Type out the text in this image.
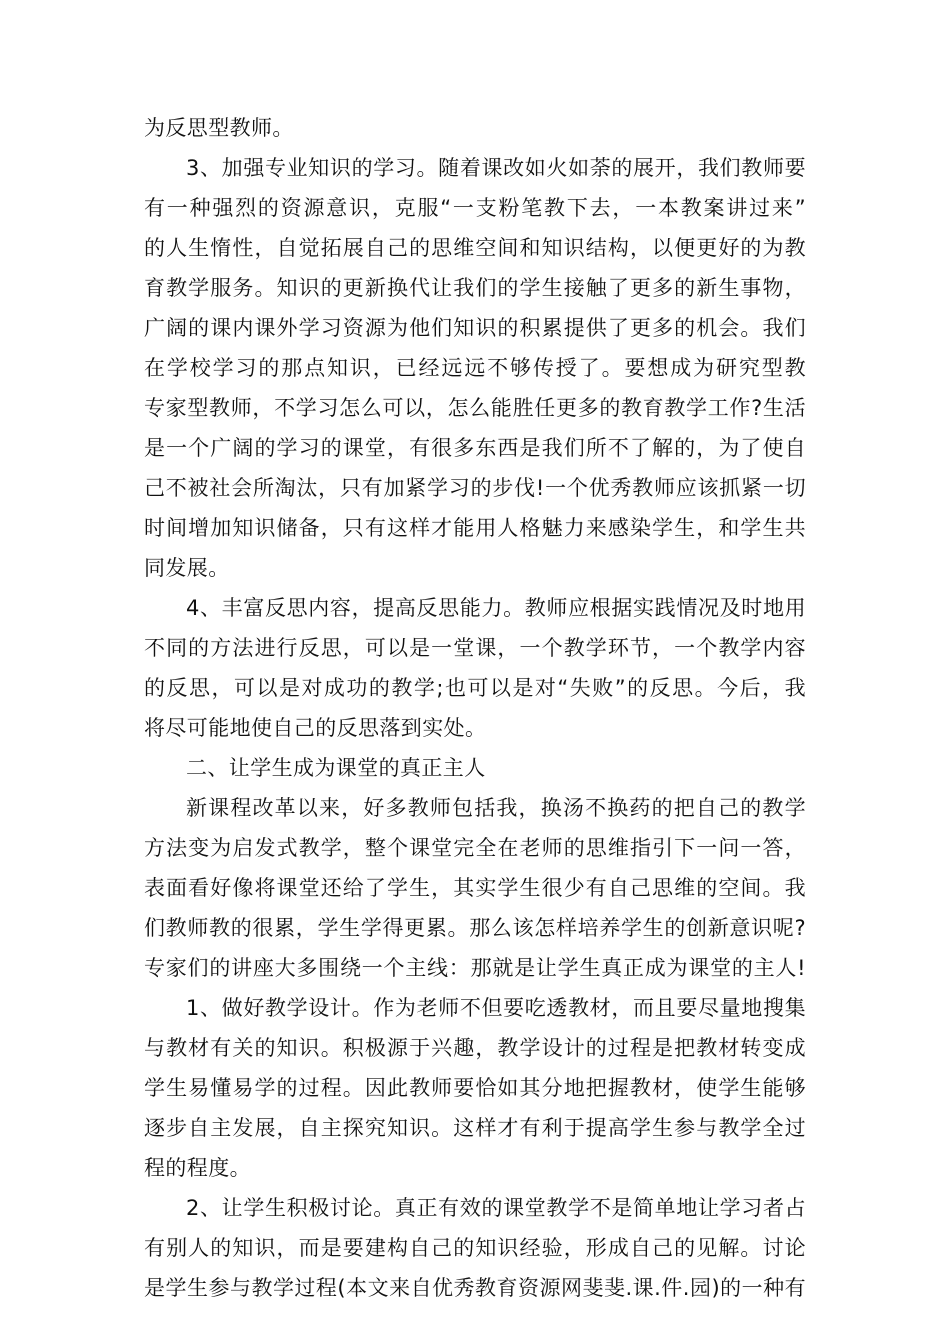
为反思型教师。
3、加强专业知识的学习。随着课改如火如荼的展开，我们教师要
有一种强烈的资源意识，克服“一支粉笔教下去，一本教案讲过来”
的人生惰性，自觉拓展自己的思维空间和知识结构，以便更好的为教
育教学服务。知识的更新换代让我们的学生接触了更多的新生事物，
广阔的课内课外学习资源为他们知识的积累提供了更多的机会。我们
在学校学习的那点知识，已经远远不够传授了。要想成为研究型教
专家型教师，不学习怎么可以，怎么能胜任更多的教育教学工作?生活
是一个广阔的学习的课堂，有很多东西是我们所不了解的，为了使自
己不被社会所淘汰，只有加紧学习的步伐!一个优秀教师应该抓紧一切
时间增加知识储备，只有这样才能用人格魅力来感染学生，和学生共
同发展。
4、丰富反思内容，提高反思能力。教师应根据实践情况及时地用
不同的方法进行反思，可以是一堂课，一个教学环节，一个教学内容
的反思，可以是对成功的教学;也可以是对“失败”的反思。今后，我
将尽可能地使自己的反思落到实处。
二、让学生成为课堂的真正主人
新课程改革以来，好多教师包括我，换汤不换药的把自己的教学
方法变为启发式教学，整个课堂完全在老师的思维指引下一问一答，
表面看好像将课堂还给了学生，其实学生很少有自己思维的空间。我
们教师教的很累，学生学得更累。那么该怎样培养学生的创新意识呢?
专家们的讲座大多围绕一个主线：那就是让学生真正成为课堂的主人!
1、做好教学设计。作为老师不但要吃透教材，而且要尽量地搜集
与教材有关的知识。积极源于兴趣，教学设计的过程是把教材转变成
学生易懂易学的过程。因此教师要恰如其分地把握教材，使学生能够
逐步自主发展，自主探究知识。这样才有利于提高学生参与教学全过
程的程度。
2、让学生积极讨论。真正有效的课堂教学不是简单地让学习者占
有别人的知识，而是要建构自己的知识经验，形成自己的见解。讨论
是学生参与教学过程(本文来自优秀教育资源网斐斐.课.件.园)的一种有
